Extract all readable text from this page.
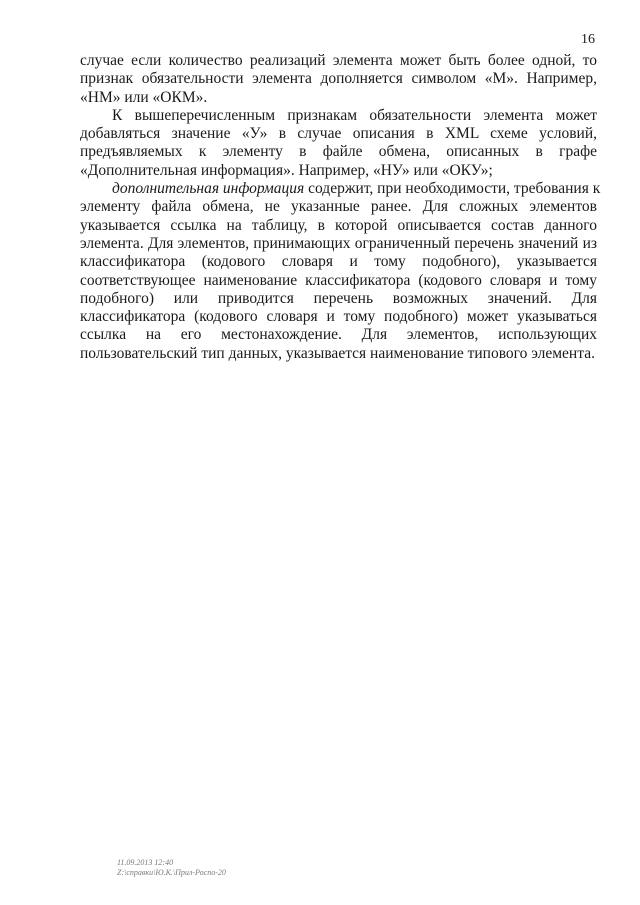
16
случае если количество реализаций элемента может быть более одной, то
признак обязательности элемента дополняется символом «М». Например,
«НМ» или «ОКМ».
К вышеперечисленным признакам обязательности элемента может
добавляться значение «У» в случае описания в XML схеме условий,
предъявляемых к элементу в файле обмена, описанных в графе
«Дополнительная информация». Например, «НУ» или «ОКУ»;
дополнительная информация содержит, при необходимости, требования к
элементу файла обмена, не указанные ранее. Для сложных элементов
указывается ссылка на таблицу, в которой описывается состав данного
элемента. Для элементов, принимающих ограниченный перечень значений из
классификатора (кодового словаря и тому подобного), указывается
соответствующее наименование классификатора (кодового словаря и тому
подобного) или приводится перечень возможных значений. Для
классификатора (кодового словаря и тому подобного) может указываться
ссылка на его местонахождение. Для элементов, использующих
пользовательский тип данных, указывается наименование типового элемента.
11.09.2013 12:40
Z:\справки\Ю.К.\Прил-Роспо-20
